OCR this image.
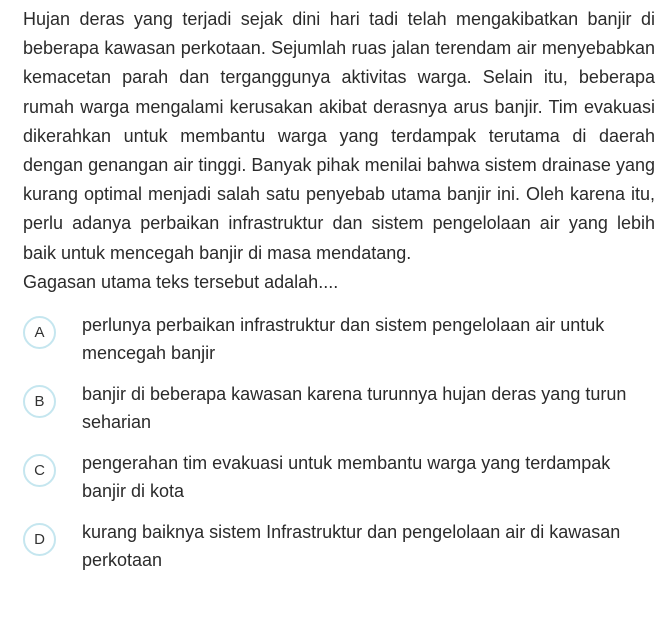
Hujan deras yang terjadi sejak dini hari tadi telah mengakibatkan banjir di beberapa kawasan perkotaan. Sejumlah ruas jalan terendam air menyebabkan kemacetan parah dan terganggunya aktivitas warga. Selain itu, beberapa rumah warga mengalami kerusakan akibat derasnya arus banjir. Tim evakuasi dikerahkan untuk membantu warga yang terdampak terutama di daerah dengan genangan air tinggi. Banyak pihak menilai bahwa sistem drainase yang kurang optimal menjadi salah satu penyebab utama banjir ini. Oleh karena itu, perlu adanya perbaikan infrastruktur dan sistem pengelolaan air yang lebih baik untuk mencegah banjir di masa mendatang.

Gagasan utama teks tersebut adalah....

A	perlunya perbaikan infrastruktur dan sistem pengelolaan air untuk mencegah banjir
B	banjir di beberapa kawasan karena turunnya hujan deras yang turun seharian
C	pengerahan tim evakuasi untuk membantu warga yang terdampak banjir di kota
D	kurang baiknya sistem Infrastruktur dan pengelolaan air di kawasan perkotaan
